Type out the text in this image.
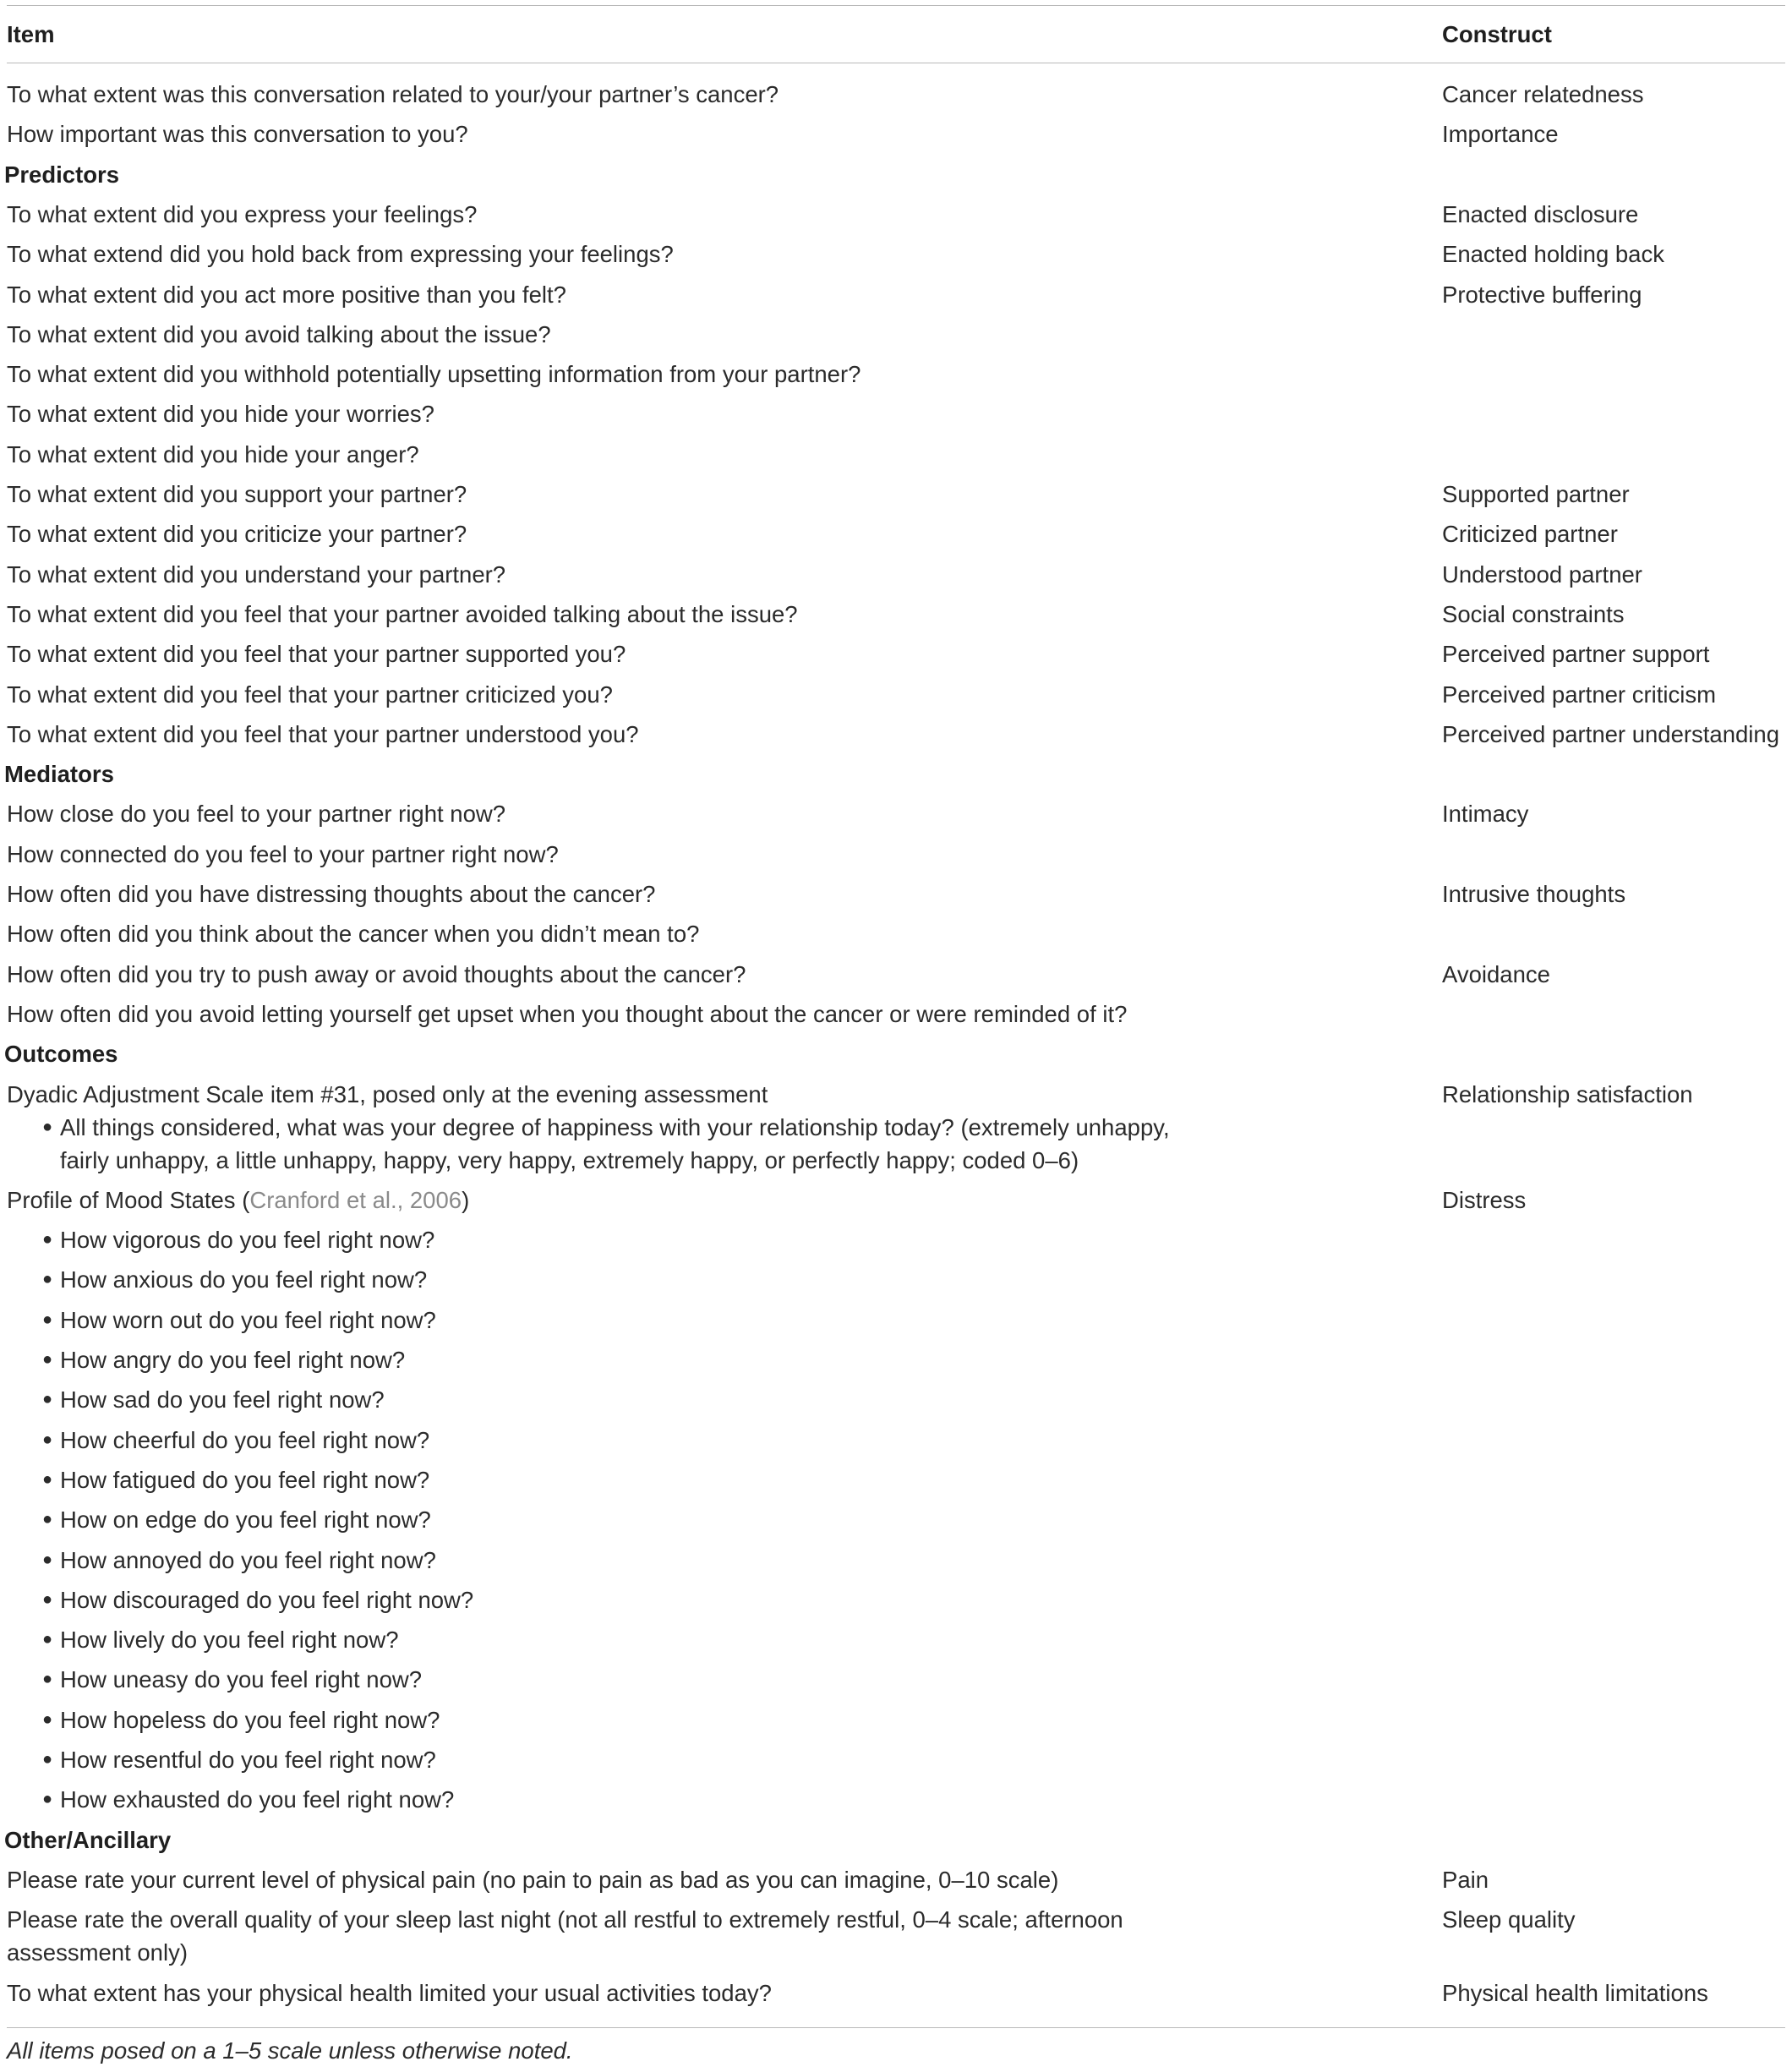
Item	Construct
To what extent was this conversation related to your/your partner’s cancer?	Cancer relatedness
How important was this conversation to you?	Importance
Predictors
To what extent did you express your feelings?	Enacted disclosure
To what extend did you hold back from expressing your feelings?	Enacted holding back
To what extent did you act more positive than you felt?	Protective buffering
To what extent did you avoid talking about the issue?
To what extent did you withhold potentially upsetting information from your partner?
To what extent did you hide your worries?
To what extent did you hide your anger?
To what extent did you support your partner?	Supported partner
To what extent did you criticize your partner?	Criticized partner
To what extent did you understand your partner?	Understood partner
To what extent did you feel that your partner avoided talking about the issue?	Social constraints
To what extent did you feel that your partner supported you?	Perceived partner support
To what extent did you feel that your partner criticized you?	Perceived partner criticism
To what extent did you feel that your partner understood you?	Perceived partner understanding
Mediators
How close do you feel to your partner right now?	Intimacy
How connected do you feel to your partner right now?
How often did you have distressing thoughts about the cancer?	Intrusive thoughts
How often did you think about the cancer when you didn’t mean to?
How often did you try to push away or avoid thoughts about the cancer?	Avoidance
How often did you avoid letting yourself get upset when you thought about the cancer or were reminded of it?
Outcomes
Dyadic Adjustment Scale item #31, posed only at the evening assessment	Relationship satisfaction
● All things considered, what was your degree of happiness with your relationship today? (extremely unhappy,
fairly unhappy, a little unhappy, happy, very happy, extremely happy, or perfectly happy; coded 0–6)
Profile of Mood States (Cranford et al., 2006)	Distress
● How vigorous do you feel right now?
● How anxious do you feel right now?
● How worn out do you feel right now?
● How angry do you feel right now?
● How sad do you feel right now?
● How cheerful do you feel right now?
● How fatigued do you feel right now?
● How on edge do you feel right now?
● How annoyed do you feel right now?
● How discouraged do you feel right now?
● How lively do you feel right now?
● How uneasy do you feel right now?
● How hopeless do you feel right now?
● How resentful do you feel right now?
● How exhausted do you feel right now?
Other/Ancillary
Please rate your current level of physical pain (no pain to pain as bad as you can imagine, 0–10 scale)	Pain
Please rate the overall quality of your sleep last night (not all restful to extremely restful, 0–4 scale; afternoon	Sleep quality
assessment only)
To what extent has your physical health limited your usual activities today?	Physical health limitations
All items posed on a 1–5 scale unless otherwise noted.
